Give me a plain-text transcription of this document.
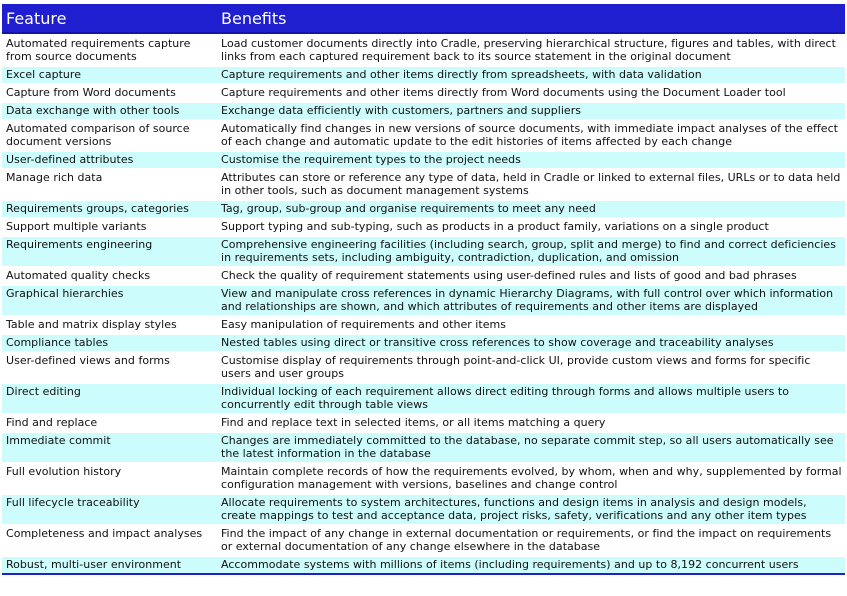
Feature	Benefits
Automated requirements capture from source documents	Load customer documents directly into Cradle, preserving hierarchical structure, figures and tables, with direct links from each captured requirement back to its source statement in the original document
Excel capture	Capture requirements and other items directly from spreadsheets, with data validation
Capture from Word documents	Capture requirements and other items directly from Word documents using the Document Loader tool
Data exchange with other tools	Exchange data efficiently with customers, partners and suppliers
Automated comparison of source document versions	Automatically find changes in new versions of source documents, with immediate impact analyses of the effect of each change and automatic update to the edit histories of items affected by each change
User-defined attributes	Customise the requirement types to the project needs
Manage rich data	Attributes can store or reference any type of data, held in Cradle or linked to external files, URLs or to data held in other tools, such as document management systems
Requirements groups, categories	Tag, group, sub-group and organise requirements to meet any need
Support multiple variants	Support typing and sub-typing, such as products in a product family, variations on a single product
Requirements engineering	Comprehensive engineering facilities (including search, group, split and merge) to find and correct deficiencies in requirements sets, including ambiguity, contradiction, duplication, and omission
Automated quality checks	Check the quality of requirement statements using user-defined rules and lists of good and bad phrases
Graphical hierarchies	View and manipulate cross references in dynamic Hierarchy Diagrams, with full control over which information and relationships are shown, and which attributes of requirements and other items are displayed
Table and matrix display styles	Easy manipulation of requirements and other items
Compliance tables	Nested tables using direct or transitive cross references to show coverage and traceability analyses
User-defined views and forms	Customise display of requirements through point-and-click UI, provide custom views and forms for specific users and user groups
Direct editing	Individual locking of each requirement allows direct editing through forms and allows multiple users to concurrently edit through table views
Find and replace	Find and replace text in selected items, or all items matching a query
Immediate commit	Changes are immediately committed to the database, no separate commit step, so all users automatically see the latest information in the database
Full evolution history	Maintain complete records of how the requirements evolved, by whom, when and why, supplemented by formal configuration management with versions, baselines and change control
Full lifecycle traceability	Allocate requirements to system architectures, functions and design items in analysis and design models, create mappings to test and acceptance data, project risks, safety, verifications and any other item types
Completeness and impact analyses	Find the impact of any change in external documentation or requirements, or find the impact on requirements or external documentation of any change elsewhere in the database
Robust, multi-user environment	Accommodate systems with millions of items (including requirements) and up to 8,192 concurrent users
